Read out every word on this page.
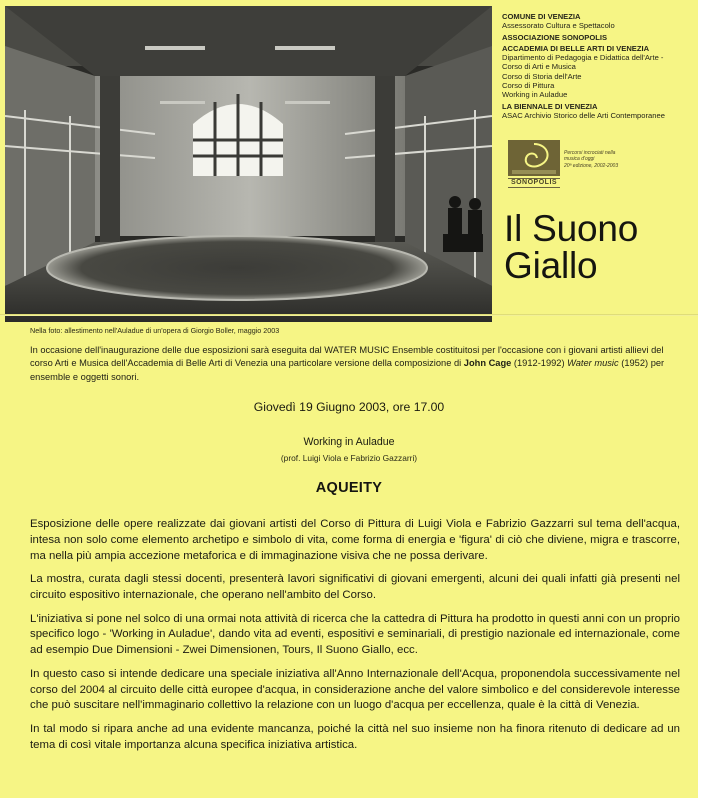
Nella foto: allestimento nell'Auladue di un'opera di Giorgio Boller, maggio 2003
COMUNE DI VENEZIA
Assessorato Cultura e Spettacolo
ASSOCIAZIONE SONOPOLIS
ACCADEMIA DI BELLE ARTI DI VENEZIA
Dipartimento di Pedagogia e Didattica dell'Arte -
Corso di Arti e Musica
Corso di Storia dell'Arte
Corso di Pittura
Working in Auladue
LA BIENNALE DI VENEZIA
ASAC Archivio Storico delle Arti Contemporanee
SONOPOLIS
Percorsi incrociati nella
musica d'oggi
20ª edizione, 2002-2003
Il Suono
Giallo
In occasione dell'inaugurazione delle due esposizioni sarà eseguita dal WATER MUSIC Ensemble costituitosi per l'occasione con i giovani artisti allievi del corso Arti e Musica dell'Accademia di Belle Arti di Venezia una particolare versione della composizione di John Cage (1912-1992) Water music (1952) per ensemble e oggetti sonori.
Giovedì 19 Giugno 2003, ore 17.00
Working in Auladue
(prof. Luigi Viola e Fabrizio Gazzarri)
AQUEITY

Esposizione delle opere realizzate dai giovani artisti del Corso di Pittura di Luigi Viola e Fabrizio Gazzarri sul tema dell'acqua, intesa non solo come elemento archetipo e simbolo di vita, come forma di energia e 'figura' di ciò che diviene, migra e trascorre, ma nella più ampia accezione metaforica e di immaginazione visiva che ne possa derivare.

La mostra, curata dagli stessi docenti, presenterà lavori significativi di giovani emergenti, alcuni dei quali infatti già presenti nel circuito espositivo internazionale, che operano nell'ambito del Corso.

L'iniziativa si pone nel solco di una ormai nota attività di ricerca che la cattedra di Pittura ha prodotto in questi anni con un proprio specifico logo - 'Working in Auladue', dando vita ad eventi, espositivi e seminariali, di prestigio nazionale ed internazionale, come ad esempio Due Dimensioni - Zwei Dimensionen, Tours, Il Suono Giallo, ecc.

In questo caso si intende dedicare una speciale iniziativa all'Anno Internazionale dell'Acqua, proponendola successivamente nel corso del 2004 al circuito delle città europee d'acqua, in considerazione anche del valore simbolico e del considerevole interesse che può suscitare nell'immaginario collettivo la relazione con un luogo d'acqua per eccellenza, quale è la città di Venezia.

In tal modo si ripara anche ad una evidente mancanza, poiché la città nel suo insieme non ha finora ritenuto di dedicare ad un tema di così vitale importanza alcuna specifica iniziativa artistica.
